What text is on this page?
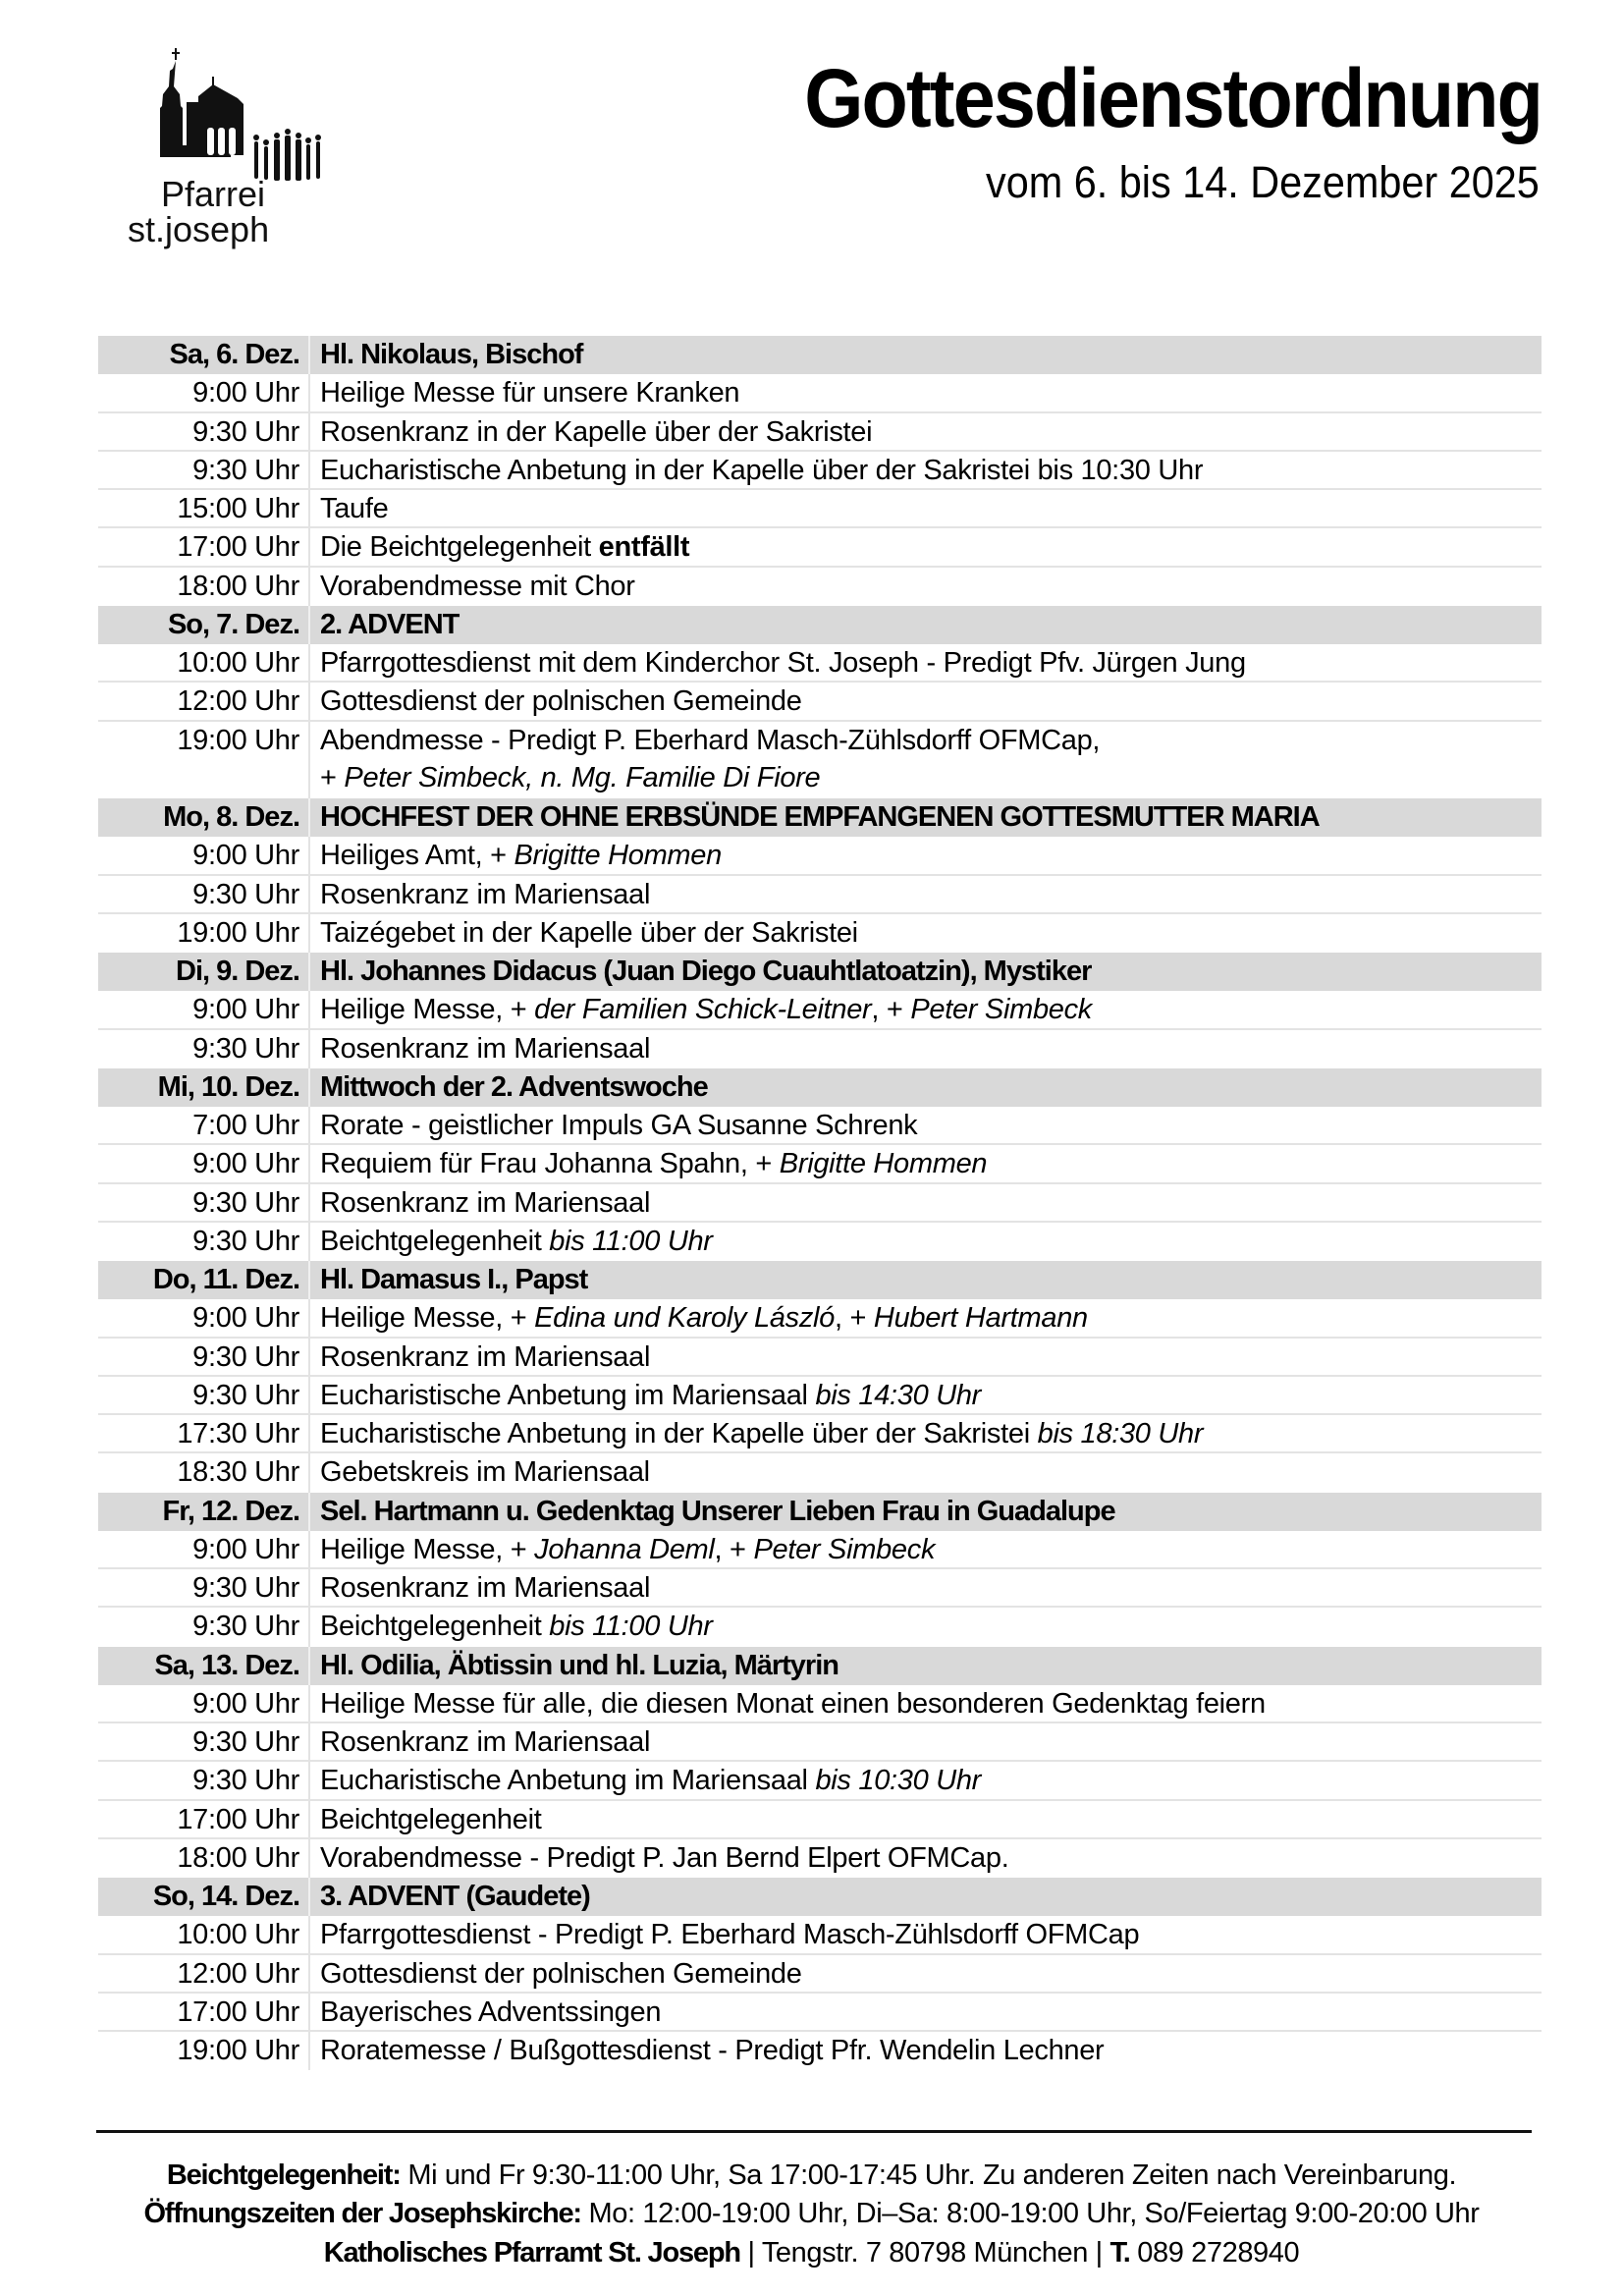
Pfarrei
st.joseph
Gottesdienstordnung
vom 6. bis 14. Dezember 2025
Sa, 6. Dez. Hl. Nikolaus, Bischof
9:00 Uhr Heilige Messe für unsere Kranken
9:30 Uhr Rosenkranz in der Kapelle über der Sakristei
9:30 Uhr Eucharistische Anbetung in der Kapelle über der Sakristei bis 10:30 Uhr
15:00 Uhr Taufe
17:00 Uhr Die Beichtgelegenheit entfällt
18:00 Uhr Vorabendmesse mit Chor
So, 7. Dez. 2. ADVENT
10:00 Uhr Pfarrgottesdienst mit dem Kinderchor St. Joseph - Predigt Pfv. Jürgen Jung
12:00 Uhr Gottesdienst der polnischen Gemeinde
19:00 Uhr Abendmesse - Predigt P. Eberhard Masch-Zühlsdorff OFMCap,
+ Peter Simbeck, n. Mg. Familie Di Fiore
Mo, 8. Dez. HOCHFEST DER OHNE ERBSÜNDE EMPFANGENEN GOTTESMUTTER MARIA
9:00 Uhr Heiliges Amt, + Brigitte Hommen
9:30 Uhr Rosenkranz im Mariensaal
19:00 Uhr Taizégebet in der Kapelle über der Sakristei
Di, 9. Dez. Hl. Johannes Didacus (Juan Diego Cuauhtlatoatzin), Mystiker
9:00 Uhr Heilige Messe, + der Familien Schick-Leitner, + Peter Simbeck
9:30 Uhr Rosenkranz im Mariensaal
Mi, 10. Dez. Mittwoch der 2. Adventswoche
7:00 Uhr Rorate - geistlicher Impuls GA Susanne Schrenk
9:00 Uhr Requiem für Frau Johanna Spahn, + Brigitte Hommen
9:30 Uhr Rosenkranz im Mariensaal
9:30 Uhr Beichtgelegenheit bis 11:00 Uhr
Do, 11. Dez. Hl. Damasus I., Papst
9:00 Uhr Heilige Messe, + Edina und Karoly László, + Hubert Hartmann
9:30 Uhr Rosenkranz im Mariensaal
9:30 Uhr Eucharistische Anbetung im Mariensaal bis 14:30 Uhr
17:30 Uhr Eucharistische Anbetung in der Kapelle über der Sakristei bis 18:30 Uhr
18:30 Uhr Gebetskreis im Mariensaal
Fr, 12. Dez. Sel. Hartmann u. Gedenktag Unserer Lieben Frau in Guadalupe
9:00 Uhr Heilige Messe, + Johanna Deml, + Peter Simbeck
9:30 Uhr Rosenkranz im Mariensaal
9:30 Uhr Beichtgelegenheit bis 11:00 Uhr
Sa, 13. Dez. Hl. Odilia, Äbtissin und hl. Luzia, Märtyrin
9:00 Uhr Heilige Messe für alle, die diesen Monat einen besonderen Gedenktag feiern
9:30 Uhr Rosenkranz im Mariensaal
9:30 Uhr Eucharistische Anbetung im Mariensaal bis 10:30 Uhr
17:00 Uhr Beichtgelegenheit
18:00 Uhr Vorabendmesse - Predigt P. Jan Bernd Elpert OFMCap.
So, 14. Dez. 3. ADVENT (Gaudete)
10:00 Uhr Pfarrgottesdienst - Predigt P. Eberhard Masch-Zühlsdorff OFMCap
12:00 Uhr Gottesdienst der polnischen Gemeinde
17:00 Uhr Bayerisches Adventssingen
19:00 Uhr Roratemesse / Bußgottesdienst - Predigt Pfr. Wendelin Lechner
Beichtgelegenheit: Mi und Fr 9:30-11:00 Uhr, Sa 17:00-17:45 Uhr. Zu anderen Zeiten nach Vereinbarung.
Öffnungszeiten der Josephskirche: Mo: 12:00-19:00 Uhr, Di–Sa: 8:00-19:00 Uhr, So/Feiertag 9:00-20:00 Uhr
Katholisches Pfarramt St. Joseph | Tengstr. 7 80798 München | T. 089 2728940
